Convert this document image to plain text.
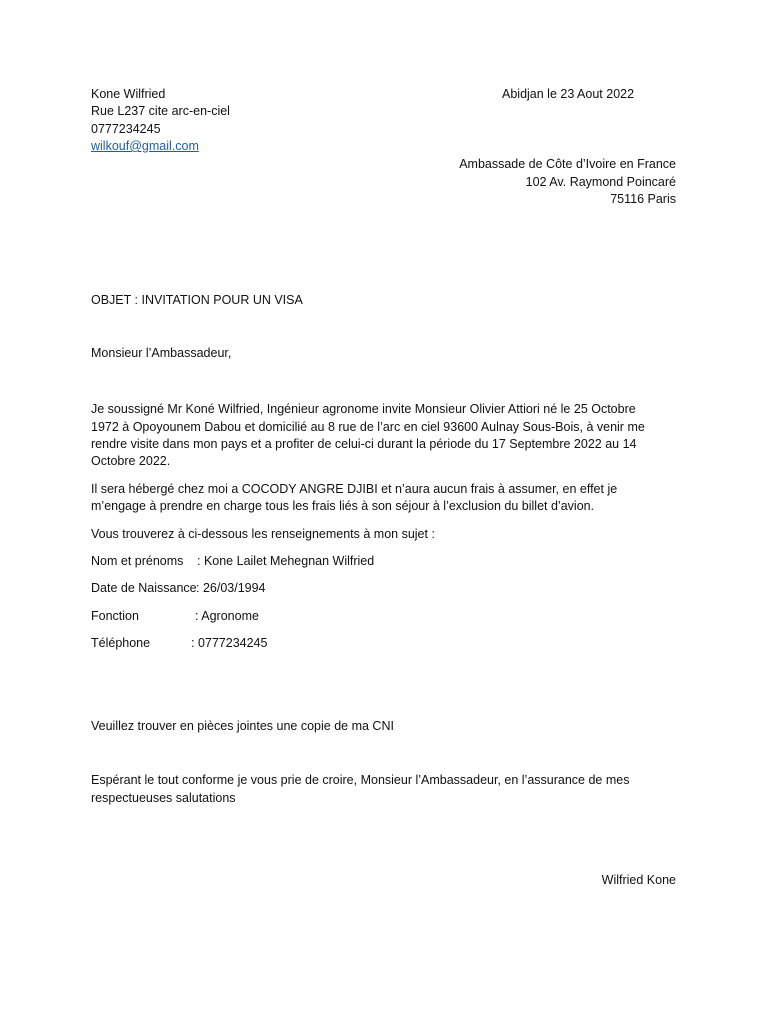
Kone Wilfried
Rue L237 cite arc-en-ciel
0777234245
wilkouf@gmail.com
Abidjan le 23 Aout 2022
Ambassade de Côte d’Ivoire en France
102 Av. Raymond Poincaré
75116 Paris
OBJET : INVITATION POUR UN VISA
Monsieur l’Ambassadeur,
Je soussigné Mr Koné Wilfried, Ingénieur agronome invite Monsieur Olivier Attiori né le 25 Octobre
1972 à Opoyounem Dabou et domicilié au 8 rue de l’arc en ciel 93600 Aulnay Sous-Bois, à venir me
rendre visite dans mon pays et a profiter de celui-ci durant la période du 17 Septembre 2022 au 14
Octobre 2022.
Il sera hébergé chez moi a COCODY ANGRE DJIBI et n’aura aucun frais à assumer, en effet je
m’engage à prendre en charge tous les frais liés à son séjour à l’exclusion du billet d’avion.
Vous trouverez à ci-dessous les renseignements à mon sujet :
Nom et prénoms : Kone Lailet Mehegnan Wilfried
Date de Naissance: 26/03/1994
Fonction	: Agronome
Téléphone	: 0777234245
Veuillez trouver en pièces jointes une copie de ma CNI
Espérant le tout conforme je vous prie de croire, Monsieur l’Ambassadeur, en l’assurance de mes
respectueuses salutations
Wilfried Kone
